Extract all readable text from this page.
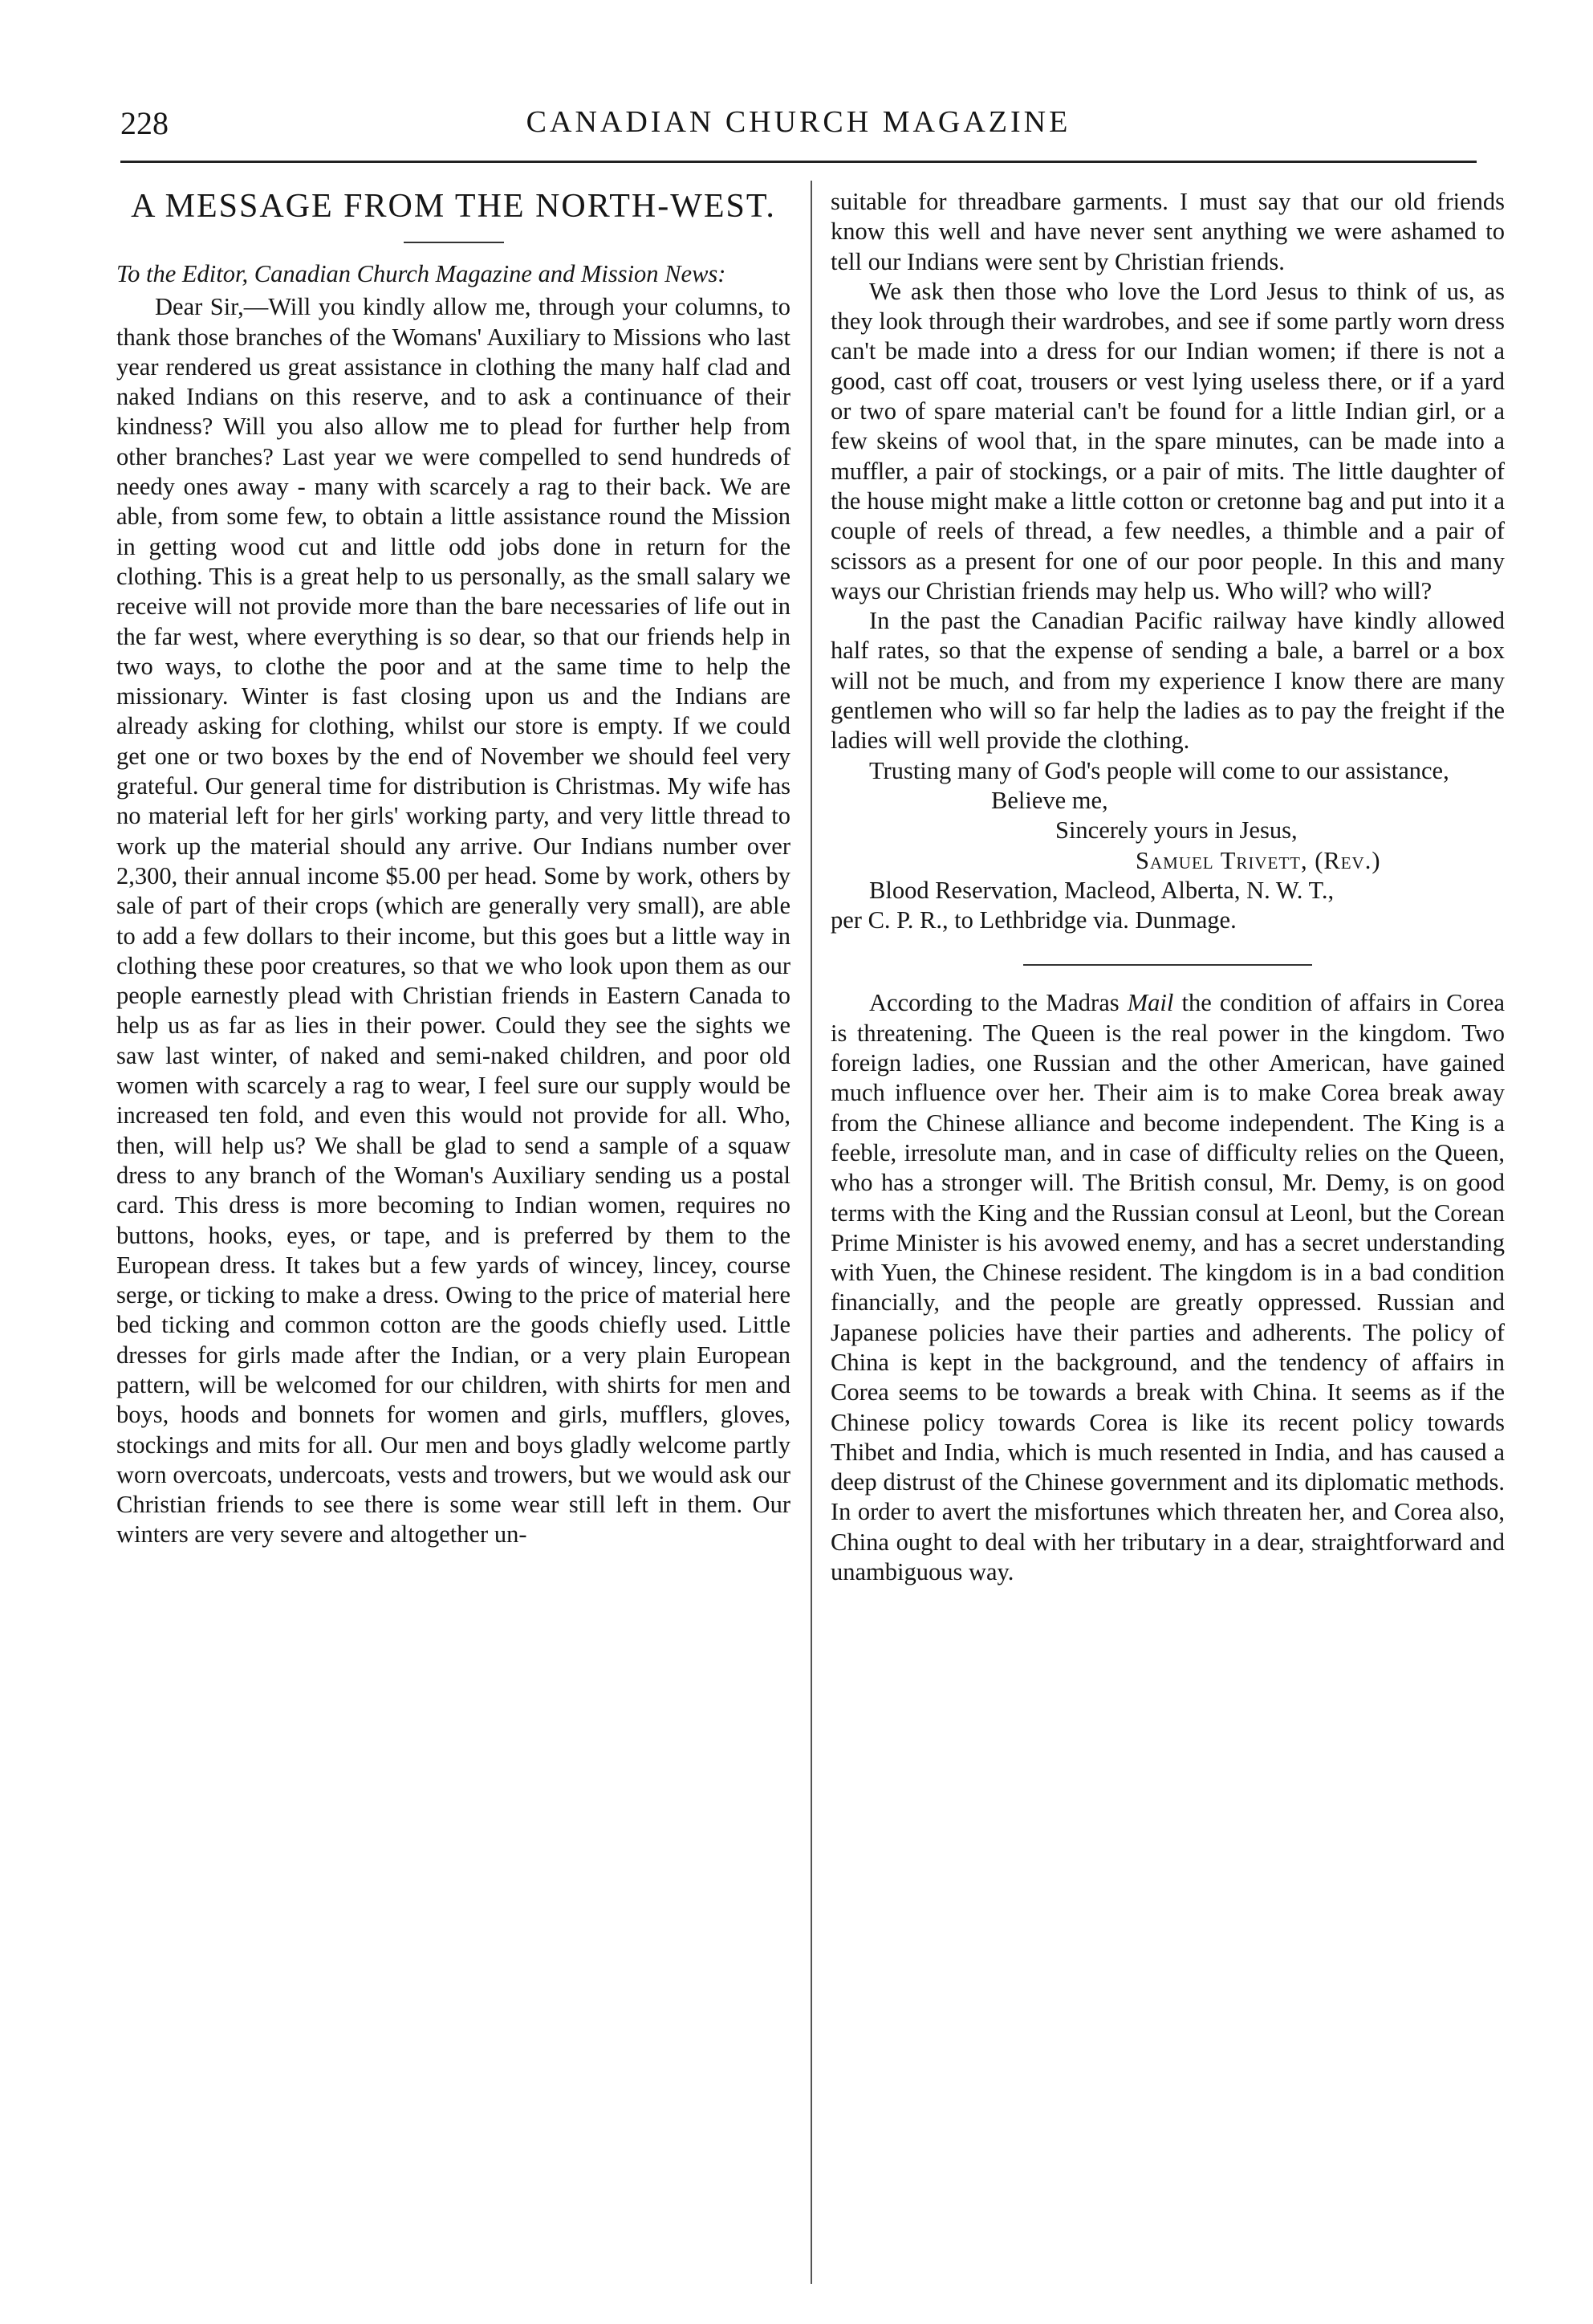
228	CANADIAN CHURCH MAGAZINE
A MESSAGE FROM THE NORTH-WEST.

To the Editor, Canadian Church Magazine and Mission News:

Dear Sir,—Will you kindly allow me, through your columns, to thank those branches of the Womans' Auxiliary to Missions who last year rendered us great assistance in clothing the many half clad and naked Indians on this reserve, and to ask a continuance of their kindness? Will you also allow me to plead for further help from other branches? Last year we were compelled to send hundreds of needy ones away - many with scarcely a rag to their back. We are able, from some few, to obtain a little assistance round the Mission in getting wood cut and little odd jobs done in return for the clothing. This is a great help to us personally, as the small salary we receive will not provide more than the bare necessaries of life out in the far west, where everything is so dear, so that our friends help in two ways, to clothe the poor and at the same time to help the missionary. Winter is fast closing upon us and the Indians are already asking for clothing, whilst our store is empty. If we could get one or two boxes by the end of November we should feel very grateful. Our general time for distribution is Christmas. My wife has no material left for her girls' working party, and very little thread to work up the material should any arrive. Our Indians number over 2,300, their annual income $5.00 per head. Some by work, others by sale of part of their crops (which are generally very small), are able to add a few dollars to their income, but this goes but a little way in clothing these poor creatures, so that we who look upon them as our people earnestly plead with Christian friends in Eastern Canada to help us as far as lies in their power. Could they see the sights we saw last winter, of naked and semi-naked children, and poor old women with scarcely a rag to wear, I feel sure our supply would be increased ten fold, and even this would not provide for all. Who, then, will help us? We shall be glad to send a sample of a squaw dress to any branch of the Woman's Auxiliary sending us a postal card. This dress is more becoming to Indian women, requires no buttons, hooks, eyes, or tape, and is preferred by them to the European dress. It takes but a few yards of wincey, lincey, course serge, or ticking to make a dress. Owing to the price of material here bed ticking and common cotton are the goods chiefly used. Little dresses for girls made after the Indian, or a very plain European pattern, will be welcomed for our children, with shirts for men and boys, hoods and bonnets for women and girls, mufflers, gloves, stockings and mits for all. Our men and boys gladly welcome partly worn overcoats, undercoats, vests and trowers, but we would ask our Christian friends to see there is some wear still left in them. Our winters are very severe and altogether un-

suitable for threadbare garments. I must say that our old friends know this well and have never sent anything we were ashamed to tell our Indians were sent by Christian friends.

We ask then those who love the Lord Jesus to think of us, as they look through their wardrobes, and see if some partly worn dress can't be made into a dress for our Indian women; if there is not a good, cast off coat, trousers or vest lying useless there, or if a yard or two of spare material can't be found for a little Indian girl, or a few skeins of wool that, in the spare minutes, can be made into a muffler, a pair of stockings, or a pair of mits. The little daughter of the house might make a little cotton or cretonne bag and put into it a couple of reels of thread, a few needles, a thimble and a pair of scissors as a present for one of our poor people. In this and many ways our Christian friends may help us. Who will? who will?

In the past the Canadian Pacific railway have kindly allowed half rates, so that the expense of sending a bale, a barrel or a box will not be much, and from my experience I know there are many gentlemen who will so far help the ladies as to pay the freight if the ladies will well provide the clothing.

Trusting many of God's people will come to our assistance,

Believe me,

Sincerely yours in Jesus,

Samuel Trivett, (Rev.)

Blood Reservation, Macleod, Alberta, N. W. T.,

per C. P. R., to Lethbridge via. Dunmage.

According to the Madras Mail the condition of affairs in Corea is threatening. The Queen is the real power in the kingdom. Two foreign ladies, one Russian and the other American, have gained much influence over her. Their aim is to make Corea break away from the Chinese alliance and become independent. The King is a feeble, irresolute man, and in case of difficulty relies on the Queen, who has a stronger will. The British consul, Mr. Demy, is on good terms with the King and the Russian consul at Leonl, but the Corean Prime Minister is his avowed enemy, and has a secret understanding with Yuen, the Chinese resident. The kingdom is in a bad condition financially, and the people are greatly oppressed. Russian and Japanese policies have their parties and adherents. The policy of China is kept in the background, and the tendency of affairs in Corea seems to be towards a break with China. It seems as if the Chinese policy towards Corea is like its recent policy towards Thibet and India, which is much resented in India, and has caused a deep distrust of the Chinese government and its diplomatic methods. In order to avert the misfortunes which threaten her, and Corea also, China ought to deal with her tributary in a dear, straightforward and unambiguous way.
